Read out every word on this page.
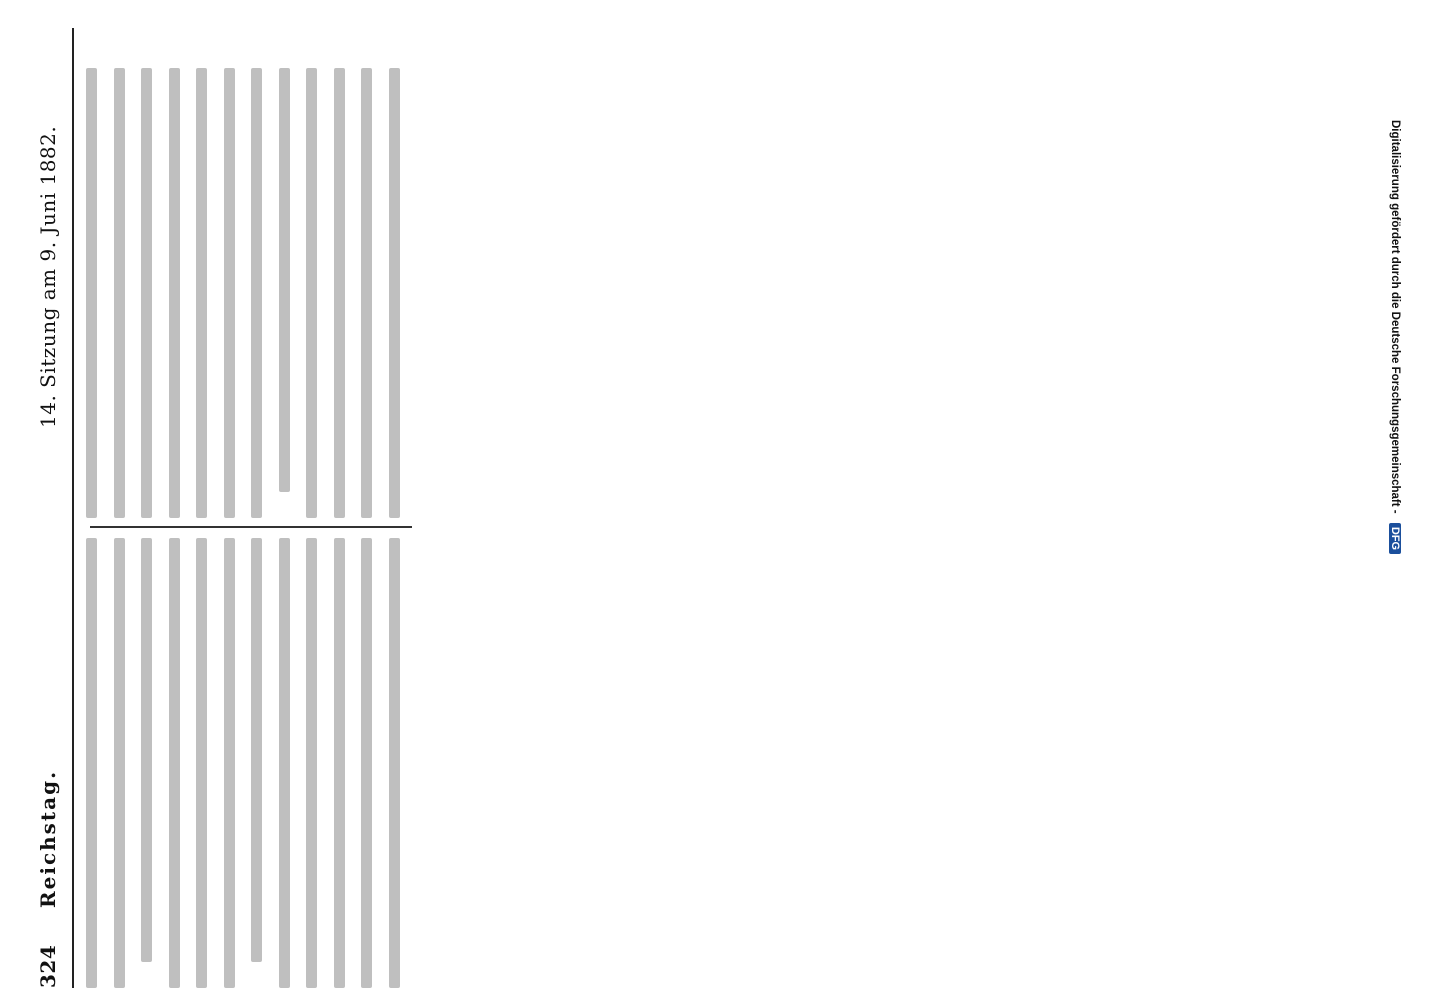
324
Reichstag.
14. Sitzung am 9. Juni 1882.	Digitalisierung gefördert durch die Deutsche Forschungsgemeinschaft - DFG
